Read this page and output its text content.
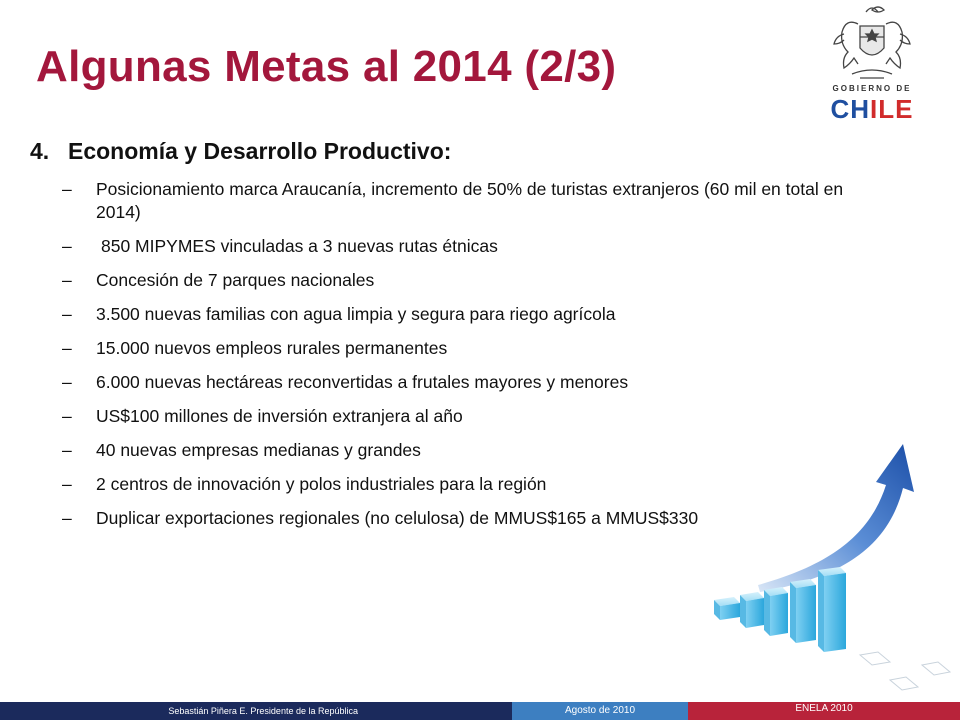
Algunas Metas al 2014 (2/3)	GOBIERNO DE
CHILE
4. Economía y Desarrollo Productivo:
– Posicionamiento marca Araucanía, incremento de 50% de turistas extranjeros (60 mil en total en 2014)
– 850 MIPYMES vinculadas a 3 nuevas rutas étnicas
– Concesión de 7 parques nacionales
– 3.500 nuevas familias con agua limpia y segura para riego agrícola
– 15.000 nuevos empleos rurales permanentes
– 6.000 nuevas hectáreas reconvertidas a frutales mayores y menores
– US$100 millones de inversión extranjera al año
– 40 nuevas empresas medianas y grandes
– 2 centros de innovación y polos industriales para la región
– Duplicar exportaciones regionales (no celulosa) de MMUS$165 a MMUS$330
Sebastián Piñera E. Presidente de la República	Agosto de 2010	ENELA 2010
